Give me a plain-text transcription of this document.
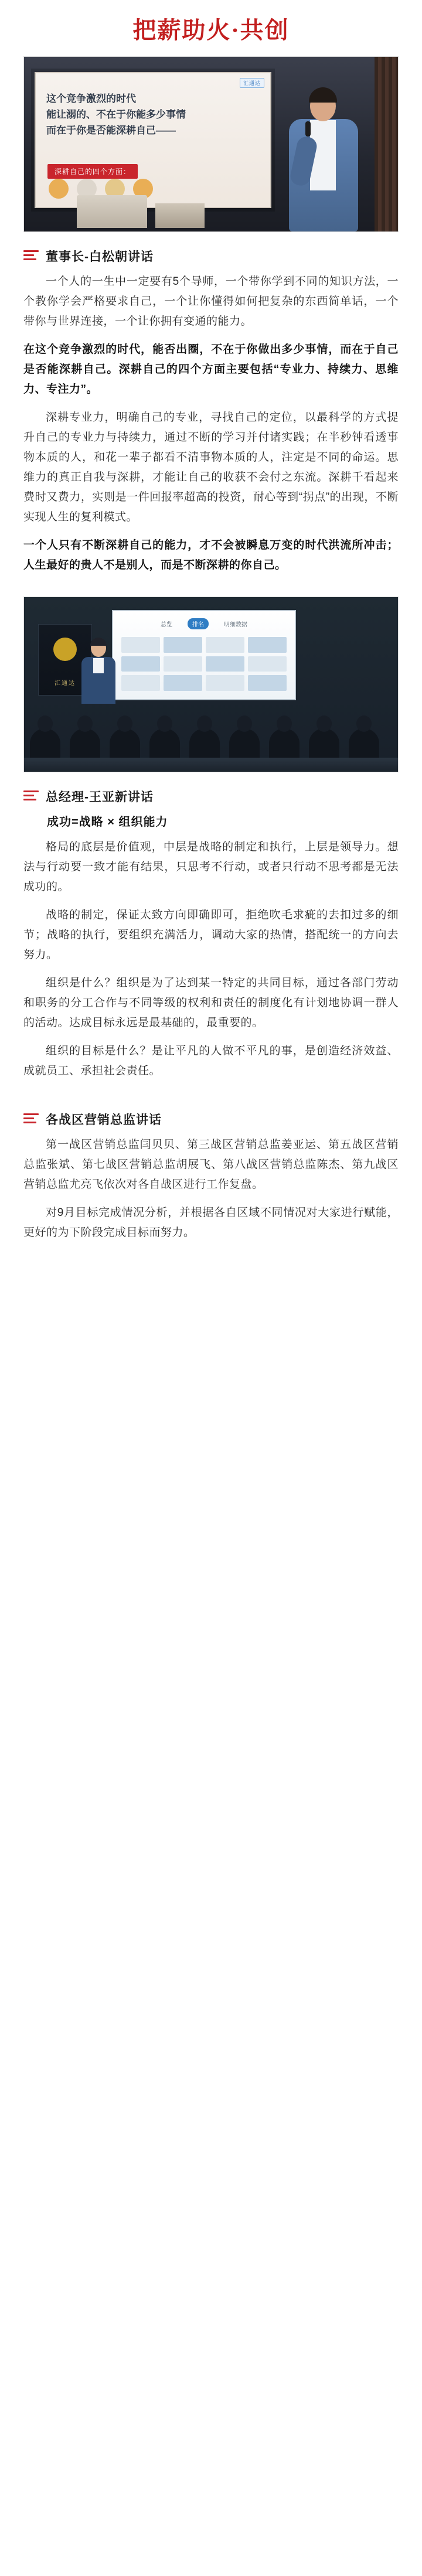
把薪助火·共创
汇通达

这个竞争激烈的时代

能让溺的、不在于你能多少事情

而在于你是否能深耕自己——

深耕自己的四个方面：
董事长-白松朝讲话

一个人的一生中一定要有5个导师，一个带你学到不同的知识方法，一个教你学会严格要求自己，一个让你懂得如何把复杂的东西简单话，一个带你与世界连接，一个让你拥有变通的能力。

在这个竞争激烈的时代，能否出圈，不在于你做出多少事情，而在于自己是否能深耕自己。深耕自己的四个方面主要包括“专业力、持续力、思维力、专注力”。

深耕专业力，明确自己的专业，寻找自己的定位，以最科学的方式提升自己的专业力与持续力，通过不断的学习并付诸实践；在半秒钟看透事物本质的人，和花一辈子都看不清事物本质的人，注定是不同的命运。思维力的真正自我与深耕，才能让自己的收获不会付之东流。深耕千看起来费时又费力，实则是一件回报率超高的投资，耐心等到“拐点”的出现，不断实现人生的复利模式。

一个人只有不断深耕自己的能力，才不会被瞬息万变的时代洪流所冲击；人生最好的贵人不是别人，而是不断深耕的你自己。

总览	排名	明细数据
汇通达
总经理-王亚新讲话

成功=战略 × 组织能力

格局的底层是价值观，中层是战略的制定和执行，上层是领导力。想法与行动要一致才能有结果，只思考不行动，或者只行动不思考都是无法成功的。

战略的制定，保证太致方向即确即可，拒绝吹毛求疵的去扣过多的细节；战略的执行，要组织充满活力，调动大家的热情，搭配统一的方向去努力。

组织是什么？组织是为了达到某一特定的共同目标，通过各部门劳动和职务的分工合作与不同等级的权利和责任的制度化有计划地协调一群人的活动。达成目标永远是最基础的，最重要的。

组织的目标是什么？是让平凡的人做不平凡的事，是创造经济效益、成就员工、承担社会责任。

各战区营销总监讲话

第一战区营销总监闫贝贝、第三战区营销总监姜亚运、第五战区营销总监张斌、第七战区营销总监胡展飞、第八战区营销总监陈杰、第九战区营销总监尤亮飞依次对各自战区进行工作复盘。

对9月目标完成情况分析，并根据各自区域不同情况对大家进行赋能，更好的为下阶段完成目标而努力。
